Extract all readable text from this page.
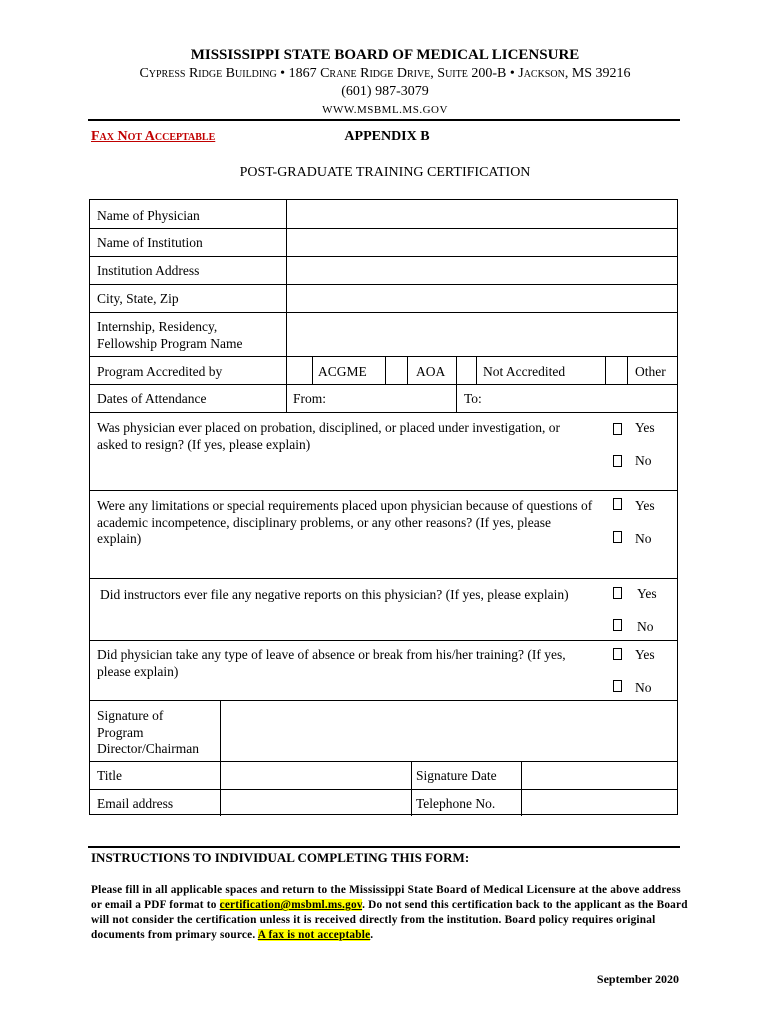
MISSISSIPPI STATE BOARD OF MEDICAL LICENSURE
Cypress Ridge Building • 1867 Crane Ridge Drive, Suite 200-B • Jackson, MS 39216
(601) 987-3079
WWW.MSBML.MS.GOV
Fax Not Acceptable	APPENDIX B
POST-GRADUATE TRAINING CERTIFICATION
Name of Physician
Name of Institution
Institution Address
City, State, Zip
Internship, Residency,
Fellowship Program Name
Program Accredited by	ACGME	AOA	Not Accredited	Other
Dates of Attendance	From:	To:
Was physician ever placed on probation, disciplined, or placed under investigation, or asked to resign? (If yes, please explain)
Yes
No
Were any limitations or special requirements placed upon physician because of questions of academic incompetence, disciplinary problems, or any other reasons? (If yes, please explain)
Yes
No
Did instructors ever file any negative reports on this physician? (If yes, please explain)	Yes
No
Did physician take any type of leave of absence or break from his/her training? (If yes, please explain)
Yes
No
Signature of
Program
Director/Chairman
Title	Signature Date
Email address	Telephone No.
INSTRUCTIONS TO INDIVIDUAL COMPLETING THIS FORM:
Please fill in all applicable spaces and return to the Mississippi State Board of Medical Licensure at the above address or email a PDF format to certification@msbml.ms.gov. Do not send this certification back to the applicant as the Board will not consider the certification unless it is received directly from the institution. Board policy requires original documents from primary source. A fax is not acceptable.
September 2020
